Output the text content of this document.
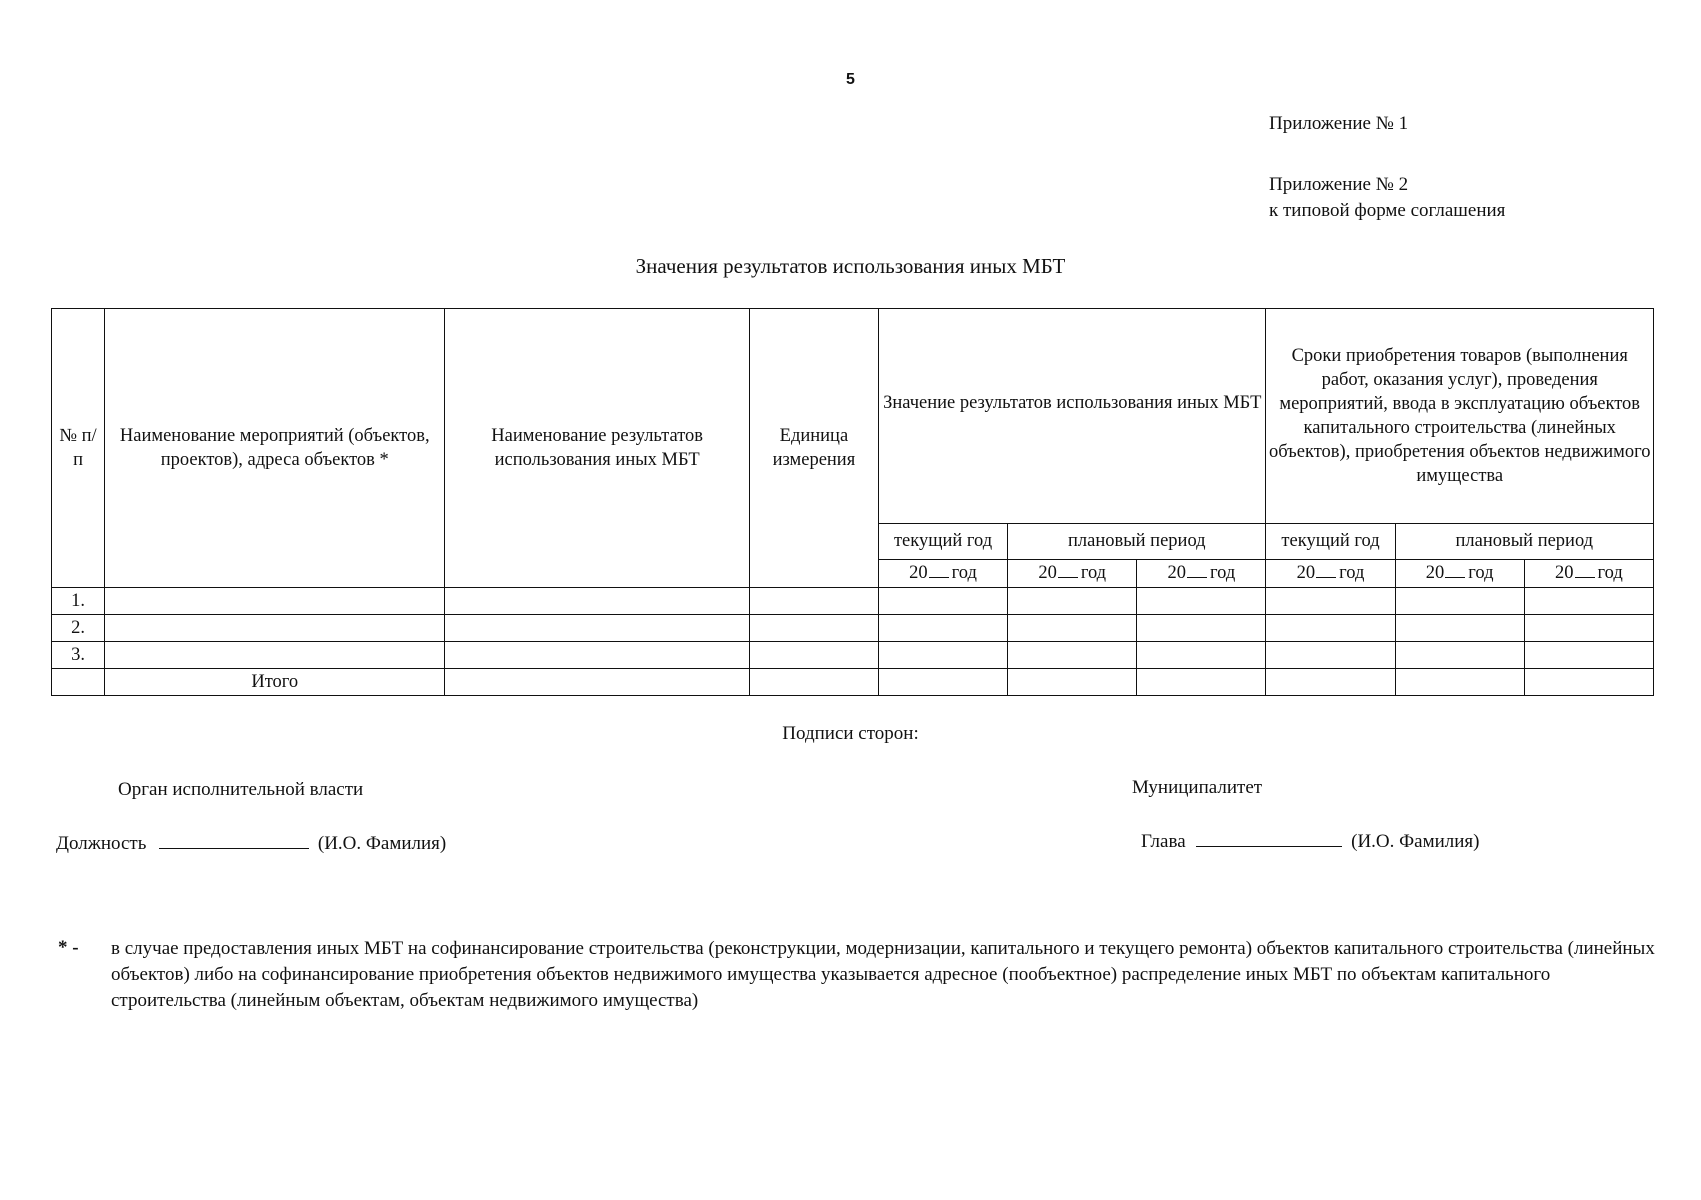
5
Приложение № 1
Приложение № 2
к типовой форме соглашения
Значения результатов использования иных МБТ
№ п/п	Наименование мероприятий (объектов, проектов), адреса объектов *	Наименование результатов использования иных МБТ	Единица измерения	Значение результатов использования иных МБТ			Сроки приобретения товаров (выполнения работ, оказания услуг), проведения мероприятий, ввода в эксплуатацию объектов капитального строительства (линейных объектов), приобретения объектов недвижимого имущества		
				текущий год	плановый период		текущий год	плановый период	
				20 год	20 год	20 год	20 год	20 год	20 год
1.									
2.									
3.									
	Итого								
Подписи сторон:
Орган исполнительной власти
Должность	(И.О. Фамилия)
Муниципалитет
Глава	(И.О. Фамилия)
* -	в случае предоставления иных МБТ на софинансирование строительства (реконструкции, модернизации, капитального и текущего ремонта) объектов капитального строительства (линейных объектов) либо на софинансирование приобретения объектов недвижимого имущества указывается адресное (пообъектное) распределение иных МБТ по объектам капитального строительства (линейным объектам, объектам недвижимого имущества)
